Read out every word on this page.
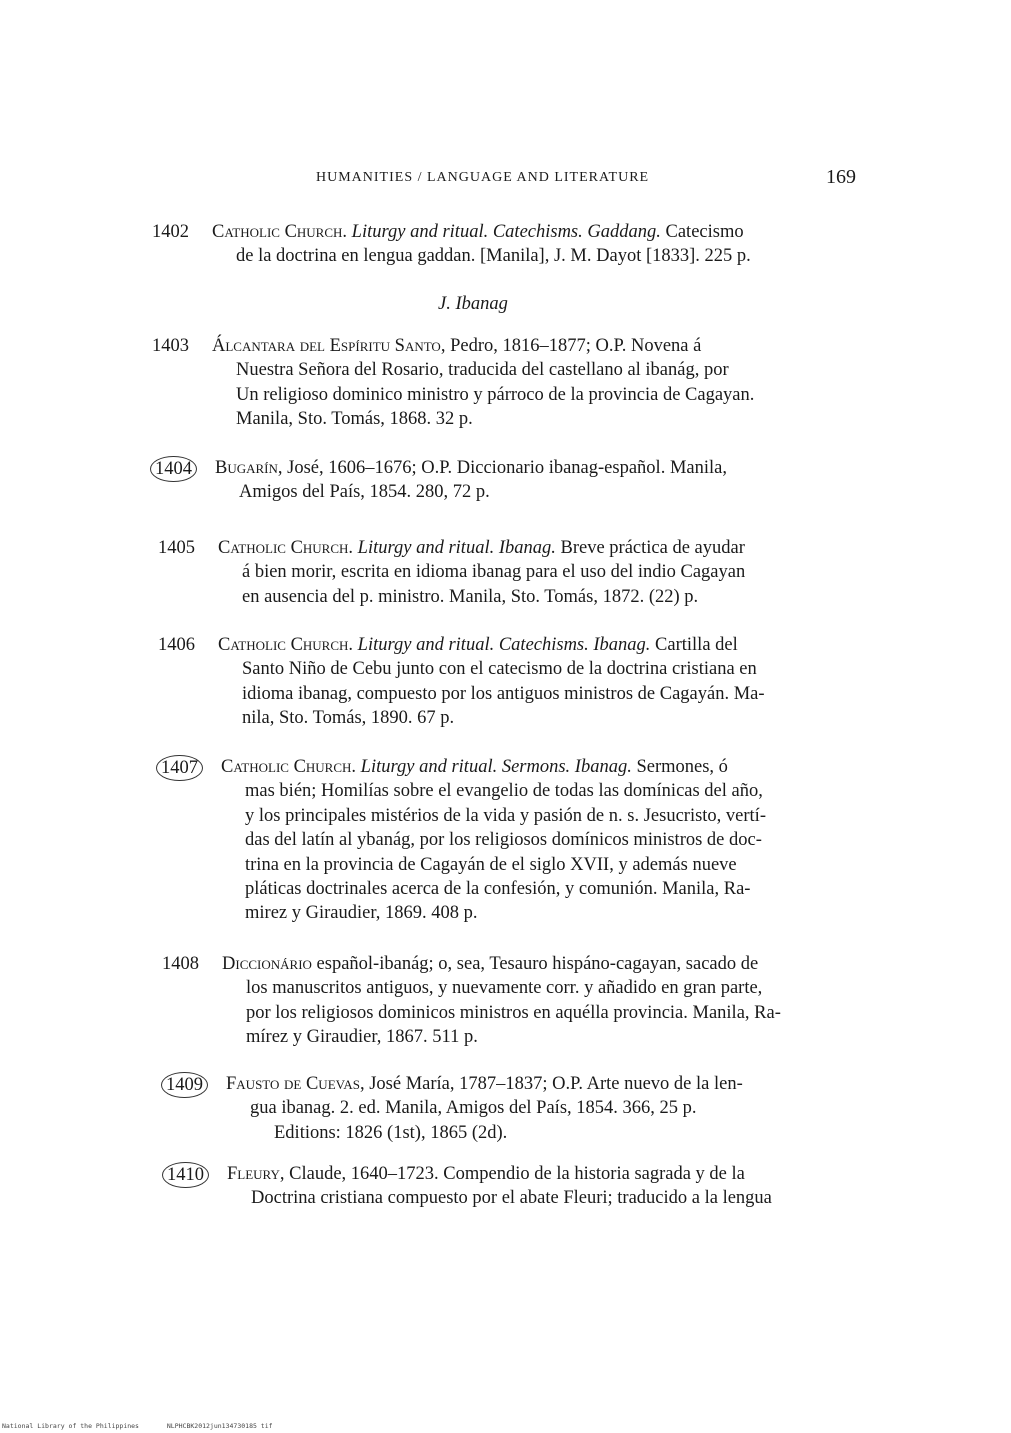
HUMANITIES / LANGUAGE AND LITERATURE	169
1402	Catholic Church. Liturgy and ritual. Catechisms. Gaddang. Catecismo
de la doctrina en lengua gaddan. [Manila], J. M. Dayot [1833]. 225 p.
J. Ibanag
1403	Álcantara del Espíritu Santo, Pedro, 1816–1877; O.P. Novena á
Nuestra Señora del Rosario, traducida del castellano al ibanág, por
Un religioso dominico ministro y párroco de la provincia de Cagayan.
Manila, Sto. Tomás, 1868. 32 p.
1404	Bugarín, José, 1606–1676; O.P. Diccionario ibanag-español. Manila,
Amigos del País, 1854. 280, 72 p.
1405	Catholic Church. Liturgy and ritual. Ibanag. Breve práctica de ayudar
á bien morir, escrita en idioma ibanag para el uso del indio Cagayan
en ausencia del p. ministro. Manila, Sto. Tomás, 1872. (22) p.
1406	Catholic Church. Liturgy and ritual. Catechisms. Ibanag. Cartilla del
Santo Niño de Cebu junto con el catecismo de la doctrina cristiana en
idioma ibanag, compuesto por los antiguos ministros de Cagayán. Ma-
nila, Sto. Tomás, 1890. 67 p.
1407	Catholic Church. Liturgy and ritual. Sermons. Ibanag. Sermones, ó
mas bién; Homilías sobre el evangelio de todas las domínicas del año,
y los principales mistérios de la vida y pasión de n. s. Jesucristo, vertí-
das del latín al ybanág, por los religiosos domínicos ministros de doc-
trina en la provincia de Cagayán de el siglo XVII, y además nueve
pláticas doctrinales acerca de la confesión, y comunión. Manila, Ra-
mirez y Giraudier, 1869. 408 p.
1408	Diccionário español-ibanág; o, sea, Tesauro hispáno-cagayan, sacado de
los manuscritos antiguos, y nuevamente corr. y añadido en gran parte,
por los religiosos dominicos ministros en aquélla provincia. Manila, Ra-
mírez y Giraudier, 1867. 511 p.
1409	Fausto de Cuevas, José María, 1787–1837; O.P. Arte nuevo de la len-
gua ibanag. 2. ed. Manila, Amigos del País, 1854. 366, 25 p.
Editions: 1826 (1st), 1865 (2d).
1410	Fleury, Claude, 1640–1723. Compendio de la historia sagrada y de la
Doctrina cristiana compuesto por el abate Fleuri; traducido a la lengua
National Library of the Philippines	NLPHCBK2012jun134730185 tif
